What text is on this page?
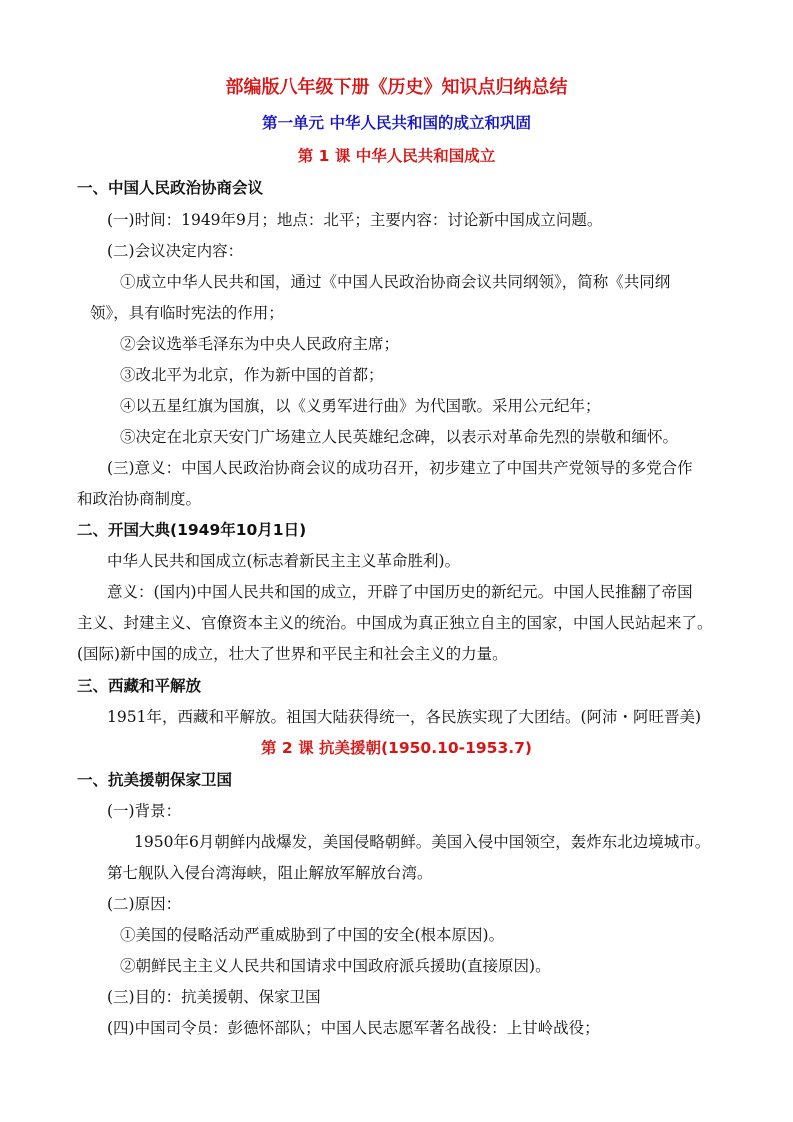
部编版八年级下册《历史》知识点归纳总结
第一单元 中华人民共和国的成立和巩固
第 1 课 中华人民共和国成立
一、中国人民政治协商会议
(一)时间：1949年9月；地点：北平；主要内容：讨论新中国成立问题。
(二)会议决定内容：
①成立中华人民共和国，通过《中国人民政治协商会议共同纲领》，简称《共同纲
领》，具有临时宪法的作用；
②会议选举毛泽东为中央人民政府主席；
③改北平为北京，作为新中国的首都；
④以五星红旗为国旗，以《义勇军进行曲》为代国歌。采用公元纪年；
⑤决定在北京天安门广场建立人民英雄纪念碑，以表示对革命先烈的崇敬和缅怀。
(三)意义：中国人民政治协商会议的成功召开，初步建立了中国共产党领导的多党合作
和政治协商制度。
二、开国大典(1949年10月1日)
中华人民共和国成立(标志着新民主主义革命胜利)。
意义：(国内)中国人民共和国的成立，开辟了中国历史的新纪元。中国人民推翻了帝国
主义、封建主义、官僚资本主义的统治。中国成为真正独立自主的国家，中国人民站起来了。
(国际)新中国的成立，壮大了世界和平民主和社会主义的力量。
三、西藏和平解放
1951年，西藏和平解放。祖国大陆获得统一，各民族实现了大团结。(阿沛・阿旺晋美)
第 2 课 抗美援朝(1950.10-1953.7)
一、抗美援朝保家卫国
(一)背景：
1950年6月朝鲜内战爆发，美国侵略朝鲜。美国入侵中国领空，轰炸东北边境城市。
第七舰队入侵台湾海峡，阻止解放军解放台湾。
(二)原因：
①美国的侵略活动严重威胁到了中国的安全(根本原因)。
②朝鲜民主主义人民共和国请求中国政府派兵援助(直接原因)。
(三)目的：抗美援朝、保家卫国
(四)中国司令员：彭德怀部队；中国人民志愿军著名战役：上甘岭战役；
